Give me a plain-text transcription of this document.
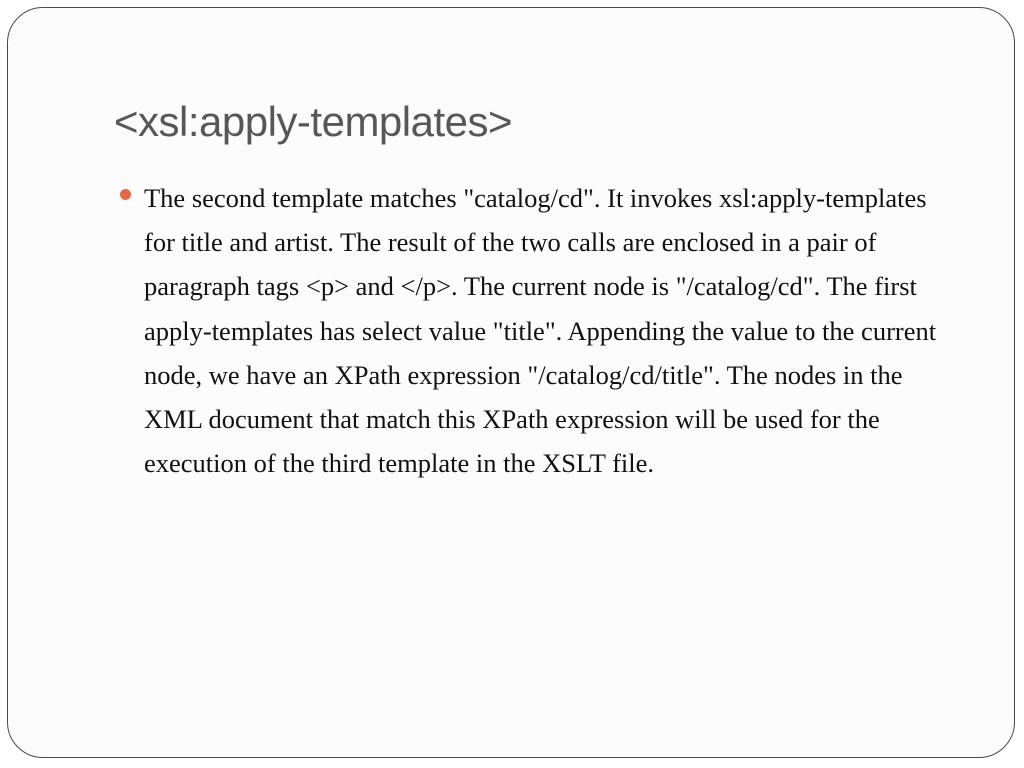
<xsl:apply-templates>

The second template matches "catalog/cd". It invokes xsl:apply-templates for title and artist. The result of the two calls are enclosed in a pair of paragraph tags <p> and </p>. The current node is "/catalog/cd". The first apply-templates has select value "title". Appending the value to the current node, we have an XPath expression "/catalog/cd/title". The nodes in the XML document that match this XPath expression will be used for the execution of the third template in the XSLT file.
